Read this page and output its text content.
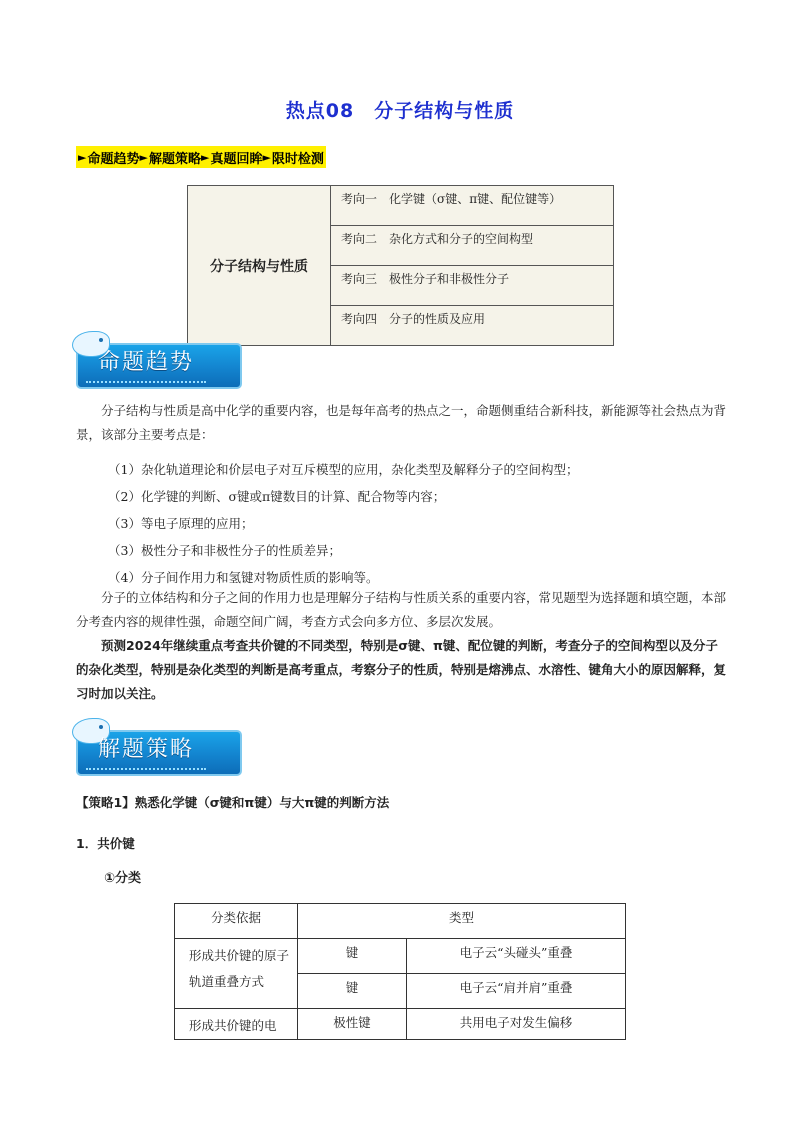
热点08　分子结构与性质
► 命题趋势 ► 解题策略 ► 真题回眸 ► 限时检测
分子结构与性质	考向一　化学键（σ键、π键、配位键等）
考向二　杂化方式和分子的空间构型
考向三　极性分子和非极性分子
考向四　分子的性质及应用
命题趋势

分子结构与性质是高中化学的重要内容，也是每年高考的热点之一，命题侧重结合新科技，新能源等社会热点为背景，该部分主要考点是：

（1）杂化轨道理论和价层电子对互斥模型的应用，杂化类型及解释分子的空间构型；
（2）化学键的判断、σ键或π键数目的计算、配合物等内容；
（3）等电子原理的应用；
（3）极性分子和非极性分子的性质差异；
（4）分子间作用力和氢键对物质性质的影响等。

分子的立体结构和分子之间的作用力也是理解分子结构与性质关系的重要内容，常见题型为选择题和填空题，本部分考查内容的规律性强，命题空间广阔，考查方式会向多方位、多层次发展。

预测2024年继续重点考查共价键的不同类型，特别是σ键、π键、配位键的判断，考查分子的空间构型以及分子的杂化类型，特别是杂化类型的判断是高考重点，考察分子的性质，特别是熔沸点、水溶性、键角大小的原因解释，复习时加以关注。

解题策略
【策略1】熟悉化学键（σ键和π键）与大π键的判断方法
1．共价键
①分类
分类依据	类型	
形成共价键的原子轨道重叠方式	键	电子云“头碰头”重叠
	键	电子云“肩并肩”重叠
形成共价键的电	极性键	共用电子对发生偏移
